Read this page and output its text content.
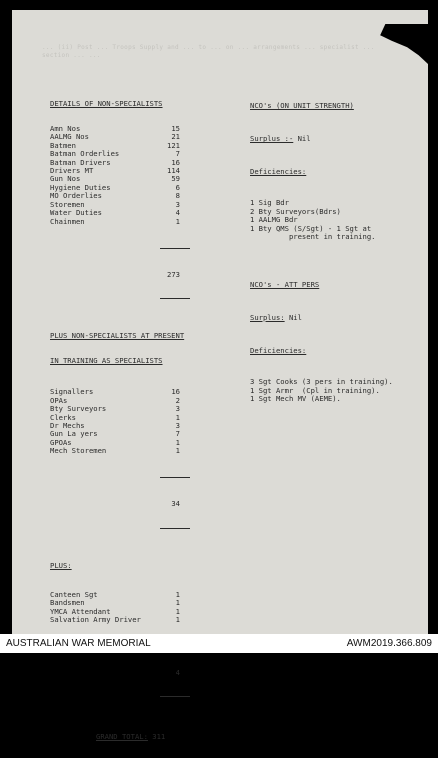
... (ii) Post ... Troops Supply and ... to ... on ... arrangements ... specialist ... section ... ...

DETAILS OF NON-SPECIALISTS

Amn Nos	15
AALMG Nos	21
Batmen	121
Batman Orderlies	7
Batman Drivers	16
Drivers MT	114
Gun Nos	59
Hygiene Duties	6
MO Orderlies	8
Storemen	3
Water Duties	4
Chainmen	1

273

PLUS NON-SPECIALISTS AT PRESENT

IN TRAINING AS SPECIALISTS

Signallers	16
OPAs	2
Bty Surveyors	3
Clerks	1
Dr Mechs	3
Gun La yers	7
GPOAs	1
Mech Storemen	1

34

PLUS:

Canteen Sgt	1
Bandsmen	1
YMCA Attendant	1
Salvation Army Driver	1

4

GRAND TOTAL: 311

NCO's (ON UNIT STRENGTH)

Surplus :- Nil

Deficiencies:

1 Sig Bdr
2 Bty Surveyors(Bdrs)
1 AALMG Bdr
1 Bty QMS (S/Sgt) - 1 Sgt at
present in training.

NCO's - ATT PERS

Surplus: Nil

Deficiencies:

3 Sgt Cooks (3 pers in training).
1 Sgt Armr  (Cpl in training).
1 Sgt Mech MV (AEME).

AUSTRALIAN WAR MEMORIAL	AWM2019.366.809
